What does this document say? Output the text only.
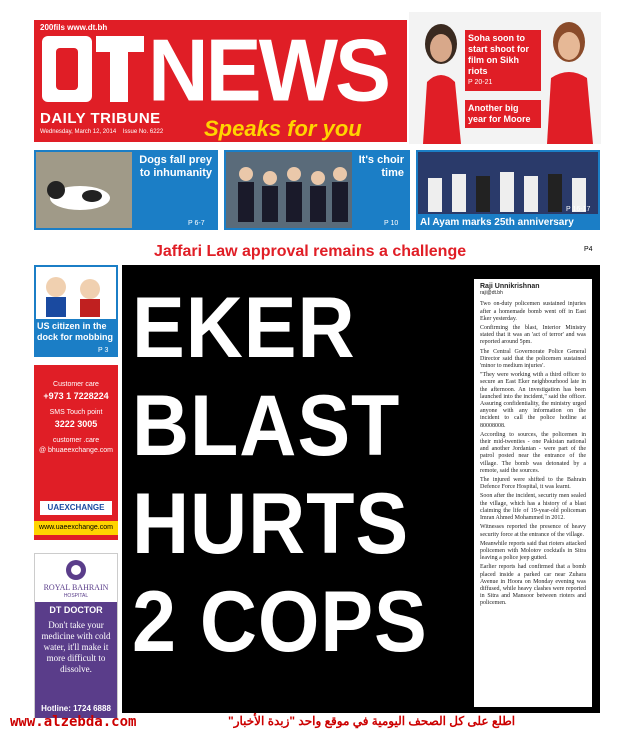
200fils www.dt.bh NEWS
DAILY TRIBUNE
Wednesday, March 12, 2014 Issue No. 6222 Speaks for you
Soha soon to start shoot for film on Sikh riots
P 20-21
Another big year for Moore
Dogs fall prey to inhumanity
P 6-7
It's choir time
P 10
P 16-17
Al Ayam marks 25th anniversary
Jaffari Law approval remains a challenge	P4
US citizen in the dock for mobbing
P 3
Customer care
+973 1 7228224
SMS Touch point
3222 3005
customer .care
@ bhuaeexchange.com
UAEXCHANGE
www.uaeexchange.com
ROYAL BAHRAIN
HOSPITAL
DT DOCTOR
Don't take your medicine with cold water, it'll make it more difficult to dissolve.
Hotline: 1724 6888
EKER
BLAST
HURTS
2 COPS
Raji Unnikrishnan
raji@dt.bh

Two on-duty policemen sustained injuries after a homemade bomb went off in East Eker yesterday.

Confirming the blast, Interior Ministry stated that it was an 'act of terror' and was reported around 5pm.

The Central Governorate Police General Director said that the policemen sustained 'minor to medium injuries'.

"They were working with a third officer to secure an East Eker neighbourhood late in the afternoon. An investigation has been launched into the incident," said the officer. Assuring confidentiality, the ministry urged anyone with any information on the incident to call the police hotline at 80008008.

According to sources, the policemen in their mid-twenties - one Pakistan national and another Jordanian - were part of the patrol posted near the entrance of the village. The bomb was detonated by a remote, said the sources.

The injured were shifted to the Bahrain Defence Force Hospital, it was learnt.

Soon after the incident, security men sealed the village, which has a history of a blast claiming the life of 19-year-old policeman Imran Ahmed Mohammed in 2012.

Witnesses reported the presence of heavy security force at the entrance of the village.

Meanwhile reports said that rioters attacked policemen with Molotov cocktails in Sitra leaving a police jeep gutted.

Earlier reports had confirmed that a bomb placed inside a parked car near Zuhara Avenue in Hoora on Monday evening was diffused, while heavy clashes were reported in Sitra and Mansoor between rioters and policemen.

www.alzebda.com	اطلع على كل الصحف اليومية في موقع واحد "زبدة الأخبار"
